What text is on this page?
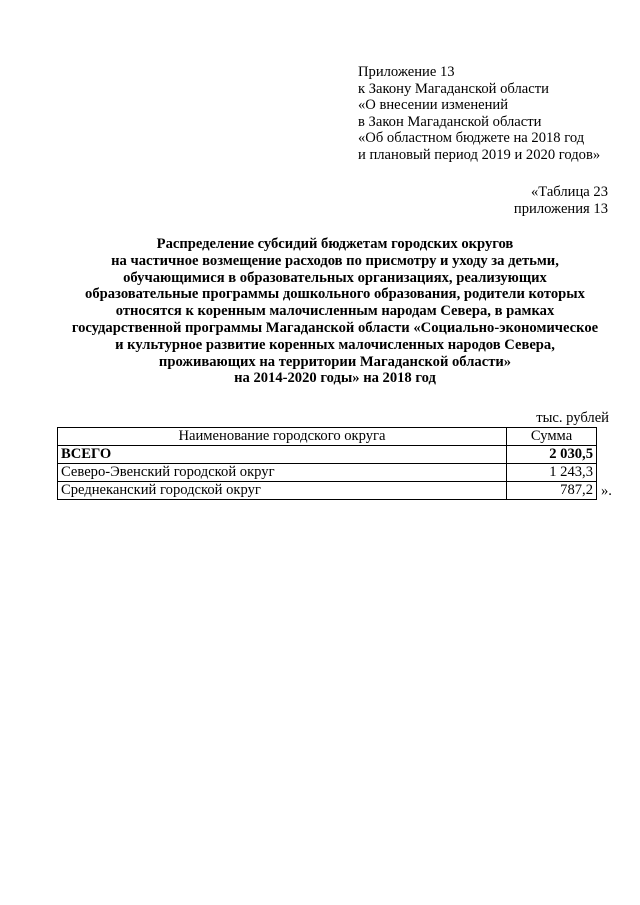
Приложение 13
к Закону Магаданской области
«О внесении изменений
в Закон Магаданской области
«Об областном бюджете на 2018 год
и плановый период 2019 и 2020 годов»
«Таблица 23
приложения 13
Распределение субсидий бюджетам городских округов
на частичное возмещение расходов по присмотру и уходу за детьми,
обучающимися в образовательных организациях, реализующих
образовательные программы дошкольного образования, родители которых
относятся к коренным малочисленным народам Севера, в рамках
государственной программы Магаданской области «Социально-экономическое
и культурное развитие коренных малочисленных народов Севера,
проживающих на территории Магаданской области»
на 2014-2020 годы» на 2018 год
тыс. рублей
Наименование городского округа	Сумма
ВСЕГО	2 030,5
Северо-Эвенский городской округ	1 243,3
Среднеканский городской округ	787,2 ».
